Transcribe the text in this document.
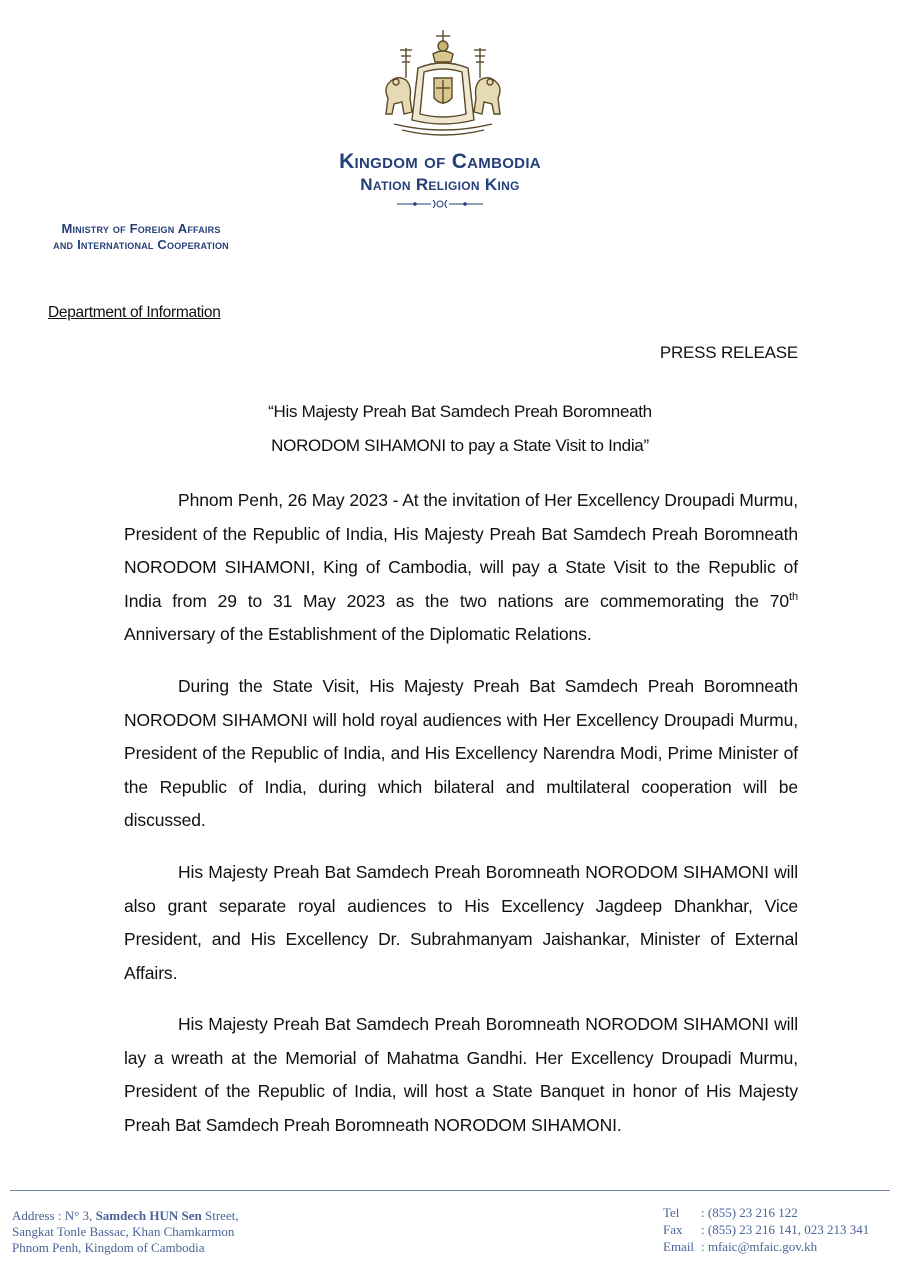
Kingdom of Cambodia
Nation Religion King
Ministry of Foreign Affairs
and International Cooperation
Department of Information
PRESS RELEASE
“His Majesty Preah Bat Samdech Preah Boromneath
NORODOM SIHAMONI to pay a State Visit to India”

Phnom Penh, 26 May 2023 - At the invitation of Her Excellency Droupadi Murmu, President of the Republic of India, His Majesty Preah Bat Samdech Preah Boromneath NORODOM SIHAMONI, King of Cambodia, will pay a State Visit to the Republic of India from 29 to 31 May 2023 as the two nations are commemorating the 70th Anniversary of the Establishment of the Diplomatic Relations.

During the State Visit, His Majesty Preah Bat Samdech Preah Boromneath NORODOM SIHAMONI will hold royal audiences with Her Excellency Droupadi Murmu, President of the Republic of India, and His Excellency Narendra Modi, Prime Minister of the Republic of India, during which bilateral and multilateral cooperation will be discussed.

His Majesty Preah Bat Samdech Preah Boromneath NORODOM SIHAMONI will also grant separate royal audiences to His Excellency Jagdeep Dhankhar, Vice President, and His Excellency Dr. Subrahmanyam Jaishankar, Minister of External Affairs.

His Majesty Preah Bat Samdech Preah Boromneath NORODOM SIHAMONI will lay a wreath at the Memorial of Mahatma Gandhi. Her Excellency Droupadi Murmu, President of the Republic of India, will host a State Banquet in honor of His Majesty Preah Bat Samdech Preah Boromneath NORODOM SIHAMONI.

Address : N° 3, Samdech HUN Sen Street,
Sangkat Tonle Bassac, Khan Chamkarmon
Phnom Penh, Kingdom of Cambodia
Tel : (855) 23 216 122
Fax : (855) 23 216 141, 023 213 341
Email : mfaic@mfaic.gov.kh
